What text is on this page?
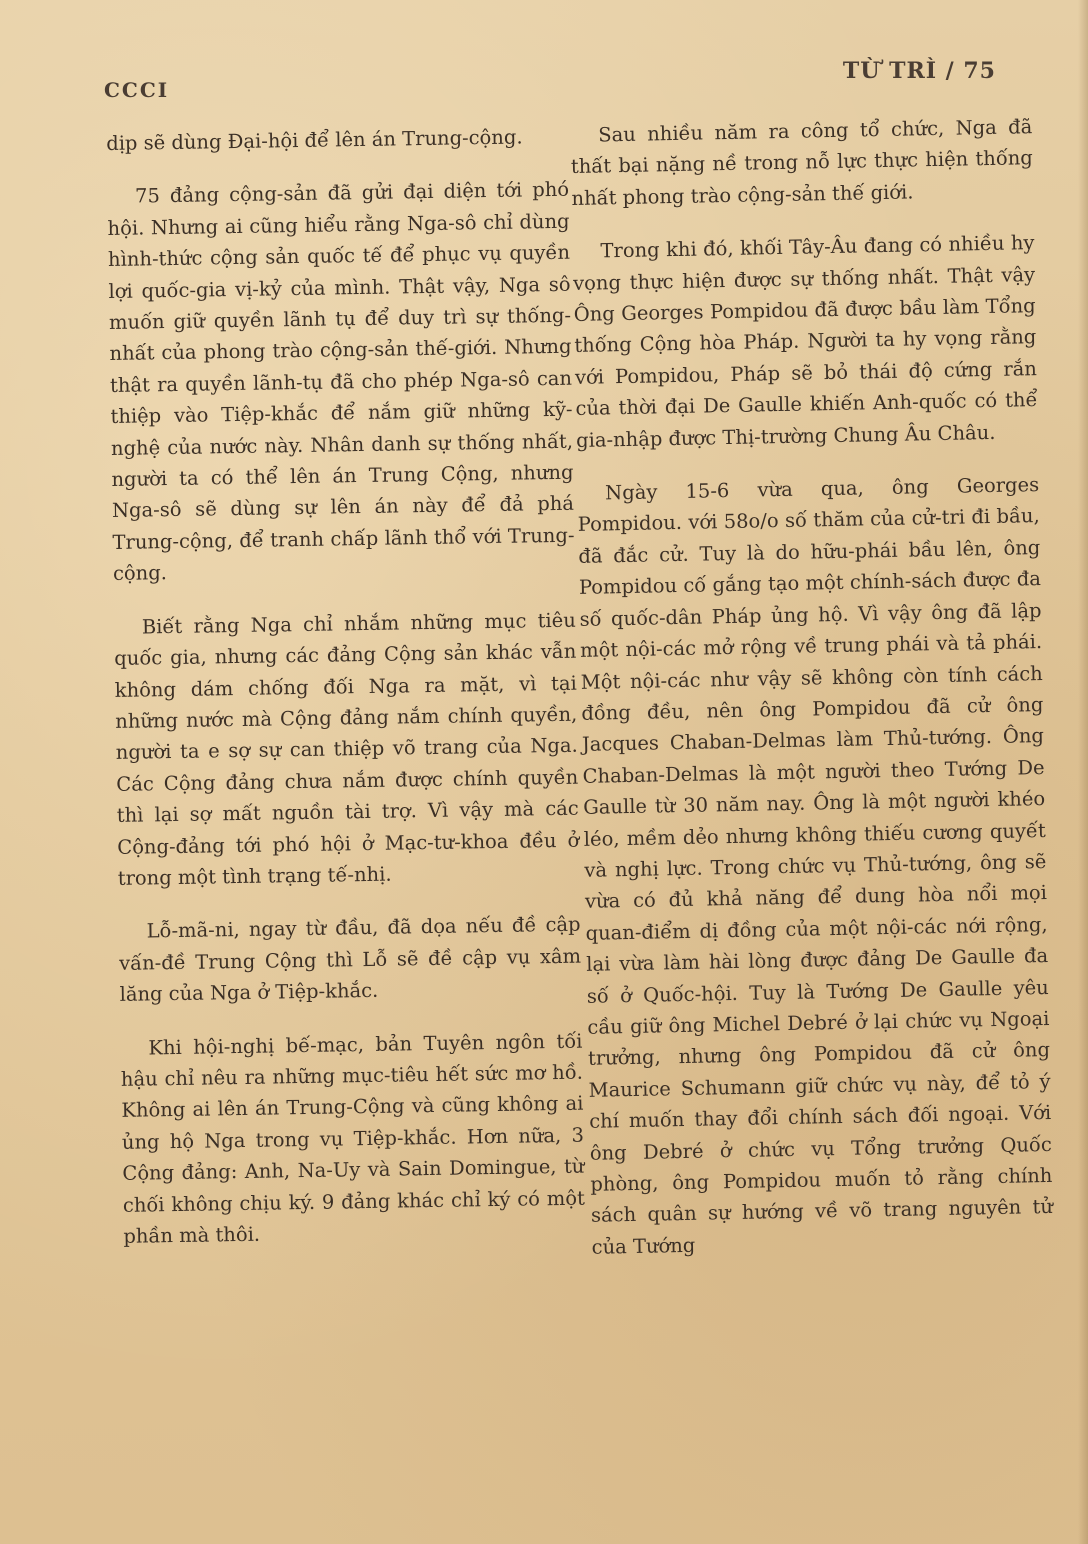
CCCI
TỪ TRÌ / 75

dịp sẽ dùng Đại-hội để lên án Trung-cộng.

75 đảng cộng-sản đã gửi đại diện tới phó hội. Nhưng ai cũng hiểu rằng Nga-sô chỉ dùng hình-thức cộng sản quốc tế để phục vụ quyền lợi quốc-gia vị-kỷ của mình. Thật vậy, Nga sô muốn giữ quyền lãnh tụ để duy trì sự thống-nhất của phong trào cộng-sản thế-giới. Nhưng thật ra quyền lãnh-tụ đã cho phép Nga-sô can thiệp vào Tiệp-khắc để nắm giữ những kỹ-nghệ của nước này. Nhân danh sự thống nhất, người ta có thể lên án Trung Cộng, nhưng Nga-sô sẽ dùng sự lên án này để đả phá Trung-cộng, để tranh chấp lãnh thổ với Trung-cộng.

Biết rằng Nga chỉ nhắm những mục tiêu quốc gia, nhưng các đảng Cộng sản khác vẫn không dám chống đối Nga ra mặt, vì tại những nước mà Cộng đảng nắm chính quyền, người ta e sợ sự can thiệp võ trang của Nga. Các Cộng đảng chưa nắm được chính quyền thì lại sợ mất nguồn tài trợ. Vì vậy mà các Cộng-đảng tới phó hội ở Mạc-tư-khoa đều ở trong một tình trạng tế-nhị.

Lỗ-mã-ni, ngay từ đầu, đã dọa nếu đề cập vấn-đề Trung Cộng thì Lỗ sẽ đề cập vụ xâm lăng của Nga ở Tiệp-khắc.

Khi hội-nghị bế-mạc, bản Tuyên ngôn tối hậu chỉ nêu ra những mục-tiêu hết sức mơ hồ. Không ai lên án Trung-Cộng và cũng không ai ủng hộ Nga trong vụ Tiệp-khắc. Hơn nữa, 3 Cộng đảng: Anh, Na-Uy và Sain Domingue, từ chối không chịu ký. 9 đảng khác chỉ ký có một phần mà thôi.

Sau nhiều năm ra công tổ chức, Nga đã thất bại nặng nề trong nỗ lực thực hiện thống nhất phong trào cộng-sản thế giới.

Trong khi đó, khối Tây-Âu đang có nhiều hy vọng thực hiện được sự thống nhất. Thật vậy Ông Georges Pompidou đã được bầu làm Tổng thống Cộng hòa Pháp. Người ta hy vọng rằng với Pompidou, Pháp sẽ bỏ thái độ cứng rắn của thời đại De Gaulle khiến Anh-quốc có thể gia-nhập được Thị-trường Chung Âu Châu.

Ngày 15-6 vừa qua, ông Georges Pompidou. với 58o/o số thăm của cử-tri đi bầu, đã đắc cử. Tuy là do hữu-phái bầu lên, ông Pompidou cố gắng tạo một chính-sách được đa số quốc-dân Pháp ủng hộ. Vì vậy ông đã lập một nội-các mở rộng về trung phái và tả phái. Một nội-các như vậy sẽ không còn tính cách đồng đều, nên ông Pompidou đã cử ông Jacques Chaban-Delmas làm Thủ-tướng. Ông Chaban-Delmas là một người theo Tướng De Gaulle từ 30 năm nay. Ông là một người khéo léo, mềm dẻo nhưng không thiếu cương quyết và nghị lực. Trong chức vụ Thủ-tướng, ông sẽ vừa có đủ khả năng để dung hòa nổi mọi quan-điểm dị đồng của một nội-các nới rộng, lại vừa làm hài lòng được đảng De Gaulle đa số ở Quốc-hội. Tuy là Tướng De Gaulle yêu cầu giữ ông Michel Debré ở lại chức vụ Ngoại trưởng, nhưng ông Pompidou đã cử ông Maurice Schumann giữ chức vụ này, để tỏ ý chí muốn thay đổi chính sách đối ngoại. Với ông Debré ở chức vụ Tổng trưởng Quốc phòng, ông Pompidou muốn tỏ rằng chính sách quân sự hướng về võ trang nguyên tử của Tướng
